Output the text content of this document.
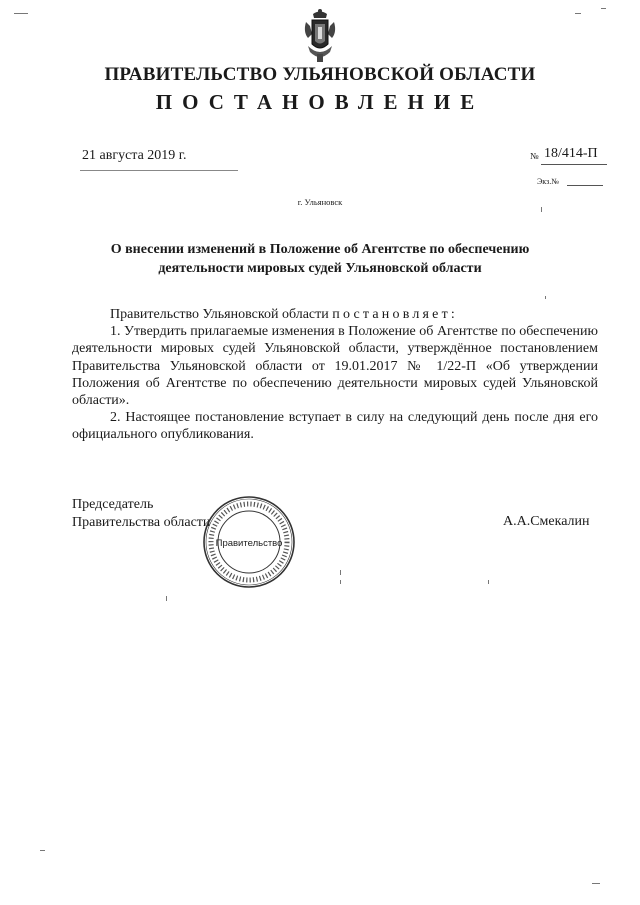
ПРАВИТЕЛЬСТВО УЛЬЯНОВСКОЙ ОБЛАСТИ
ПОСТАНОВЛЕНИЕ
21 августа 2019 г.	№ 18/414-П
Экз.№
г. Ульяновск
О внесении изменений в Положение об Агентстве по обеспечению
деятельности мировых судей Ульяновской области

Правительство Ульяновской области постановляет:

1. Утвердить прилагаемые изменения в Положение об Агентстве по обеспечению деятельности мировых судей Ульяновской области, утверждённое постановлением Правительства Ульяновской области от 19.01.2017 № 1/22-П «Об утверждении Положения об Агентстве по обеспечению деятельности мировых судей Ульяновской области».

2. Настоящее постановление вступает в силу на следующий день после дня его официального опубликования.

Председатель
Правительства области	А.А.Смекалин
Правительство
